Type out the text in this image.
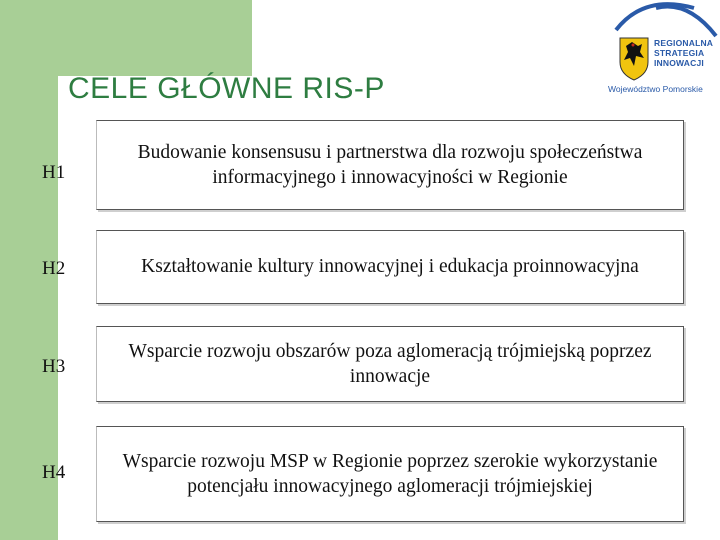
CELE GŁÓWNE RIS-P
REGIONALNA
STRATEGIA
INNOWACJI
Województwo Pomorskie
H1
Budowanie konsensusu i partnerstwa dla rozwoju społeczeństwa informacyjnego i innowacyjności w Regionie
H2	Kształtowanie kultury innowacyjnej i edukacja proinnowacyjna
H3
Wsparcie rozwoju obszarów poza aglomeracją trójmiejską poprzez innowacje
H4
Wsparcie rozwoju MSP w Regionie poprzez szerokie wykorzystanie potencjału innowacyjnego aglomeracji trójmiejskiej
